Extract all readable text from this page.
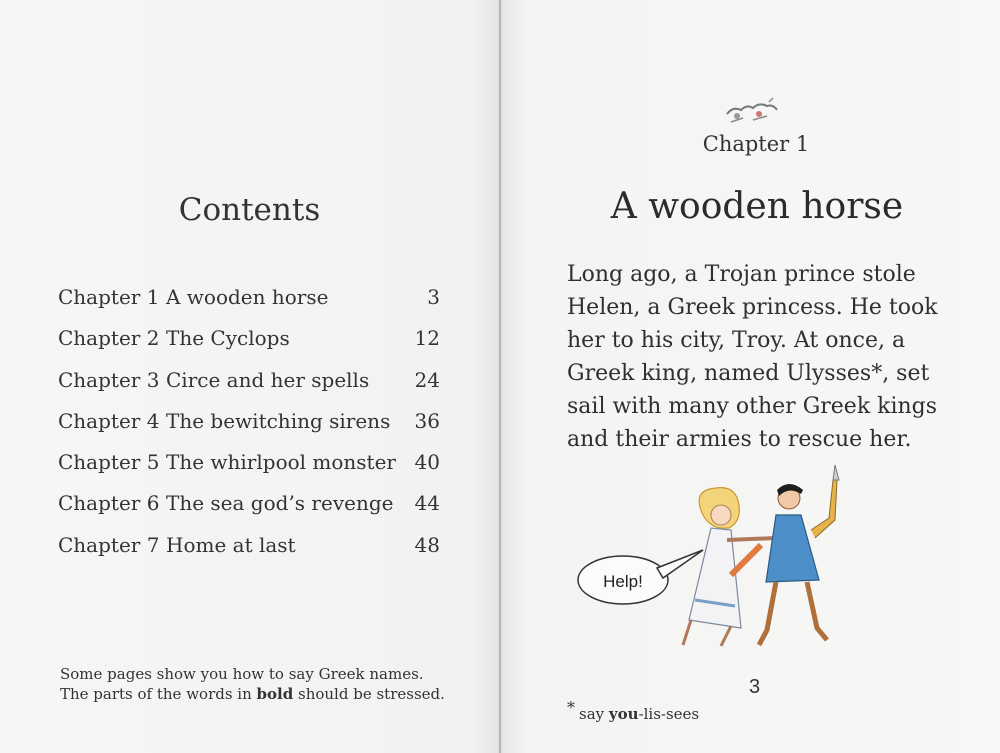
Contents
Chapter 1 A wooden horse	3
Chapter 2 The Cyclops	12
Chapter 3 Circe and her spells	24
Chapter 4 The bewitching sirens	36
Chapter 5 The whirlpool monster 40
Chapter 6 The sea god’s revenge	44
Chapter 7 Home at last	48

Some pages show you how to say Greek names.

The parts of the words in bold should be stressed.

Chapter 1
A wooden horse

Long ago, a Trojan prince stole Helen, a Greek princess. He took her to his city, Troy. At once, a Greek king, named Ulysses*, set sail with many other Greek kings and their armies to rescue her.

Help!
3
* say you-lis-sees
